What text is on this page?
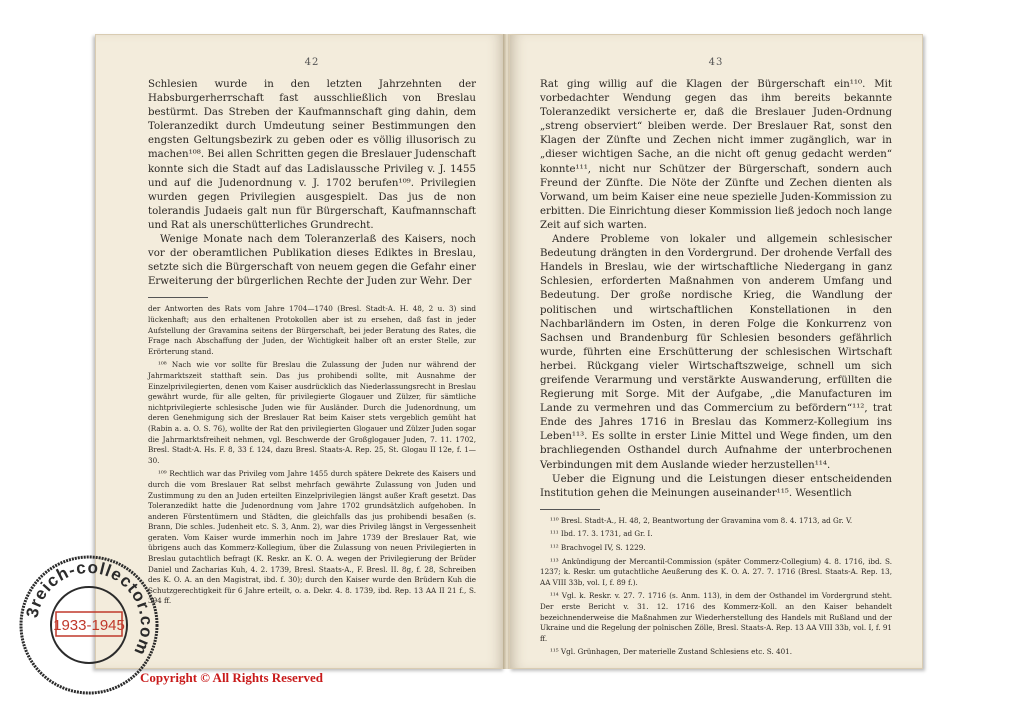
42

Schlesien wurde in den letzten Jahrzehnten der Habsburgerherrschaft fast ausschließlich von Breslau bestürmt. Das Streben der Kaufmannschaft ging dahin, dem Toleranzedikt durch Umdeutung seiner Bestimmungen den engsten Geltungsbezirk zu geben oder es völlig illusorisch zu machen¹⁰⁸. Bei allen Schritten gegen die Breslauer Judenschaft konnte sich die Stadt auf das Ladislaussche Privileg v. J. 1455 und auf die Judenordnung v. J. 1702 berufen¹⁰⁹. Privilegien wurden gegen Privilegien ausgespielt. Das jus de non tolerandis Judaeis galt nun für Bürgerschaft, Kaufmannschaft und Rat als unerschütterliches Grundrecht.

Wenige Monate nach dem Toleranzerlaß des Kaisers, noch vor der oberamtlichen Publikation dieses Ediktes in Breslau, setzte sich die Bürgerschaft von neuem gegen die Gefahr einer Erweiterung der bürgerlichen Rechte der Juden zur Wehr. Der

der Antworten des Rats vom Jahre 1704—1740 (Bresl. Stadt-A. H. 48, 2 u. 3) sind lückenhaft; aus den erhaltenen Protokollen aber ist zu ersehen, daß fast in jeder Aufstellung der Gravamina seitens der Bürgerschaft, bei jeder Beratung des Rates, die Frage nach Abschaffung der Juden, der Wichtigkeit halber oft an erster Stelle, zur Erörterung stand.

¹⁰⁸ Nach wie vor sollte für Breslau die Zulassung der Juden nur während der Jahrmarktszeit statthaft sein. Das jus prohibendi sollte, mit Ausnahme der Einzelprivilegierten, denen vom Kaiser ausdrücklich das Niederlassungsrecht in Breslau gewährt wurde, für alle gelten, für privilegierte Glogauer und Zülzer, für sämtliche nichtprivilegierte schlesische Juden wie für Ausländer. Durch die Judenordnung, um deren Genehmigung sich der Breslauer Rat beim Kaiser stets vergeblich gemüht hat (Rabin a. a. O. S. 76), wollte der Rat den privilegierten Glogauer und Zülzer Juden sogar die Jahrmarktsfreiheit nehmen, vgl. Beschwerde der Großglogauer Juden, 7. 11. 1702, Bresl. Stadt-A. Hs. F. 8, 33 f. 124, dazu Bresl. Staats-A. Rep. 25, St. Glogau II 12e, f. 1—30.

¹⁰⁹ Rechtlich war das Privileg vom Jahre 1455 durch spätere Dekrete des Kaisers und durch die vom Breslauer Rat selbst mehrfach gewährte Zulassung von Juden und Zustimmung zu den an Juden erteilten Einzelprivilegien längst außer Kraft gesetzt. Das Toleranzedikt hatte die Judenordnung vom Jahre 1702 grundsätzlich aufgehoben. In anderen Fürstentümern und Städten, die gleichfalls das jus prohibendi besaßen (s. Brann, Die schles. Judenheit etc. S. 3, Anm. 2), war dies Privileg längst in Vergessenheit geraten. Vom Kaiser wurde immerhin noch im Jahre 1739 der Breslauer Rat, wie übrigens auch das Kommerz-Kollegium, über die Zulassung von neuen Privilegierten in Breslau gutachtlich befragt (K. Reskr. an K. O. A. wegen der Privilegierung der Brüder Daniel und Zacharias Kuh, 4. 2. 1739, Bresl. Staats-A., F. Bresl. II. 8g, f. 28, Schreiben des K. O. A. an den Magistrat, ibd. f. 30); durch den Kaiser wurde den Brüdern Kuh die Schutzgerechtigkeit für 6 Jahre erteilt, o. a. Dekr. 4. 8. 1739, ibd. Rep. 13 AA II 21 f., S. 394 ff.

43

Rat ging willig auf die Klagen der Bürgerschaft ein¹¹⁰. Mit vorbedachter Wendung gegen das ihm bereits bekannte Toleranzedikt versicherte er, daß die Breslauer Juden-Ordnung „streng observiert“ bleiben werde. Der Breslauer Rat, sonst den Klagen der Zünfte und Zechen nicht immer zugänglich, war in „dieser wichtigen Sache, an die nicht oft genug gedacht werden“ konnte¹¹¹, nicht nur Schützer der Bürgerschaft, sondern auch Freund der Zünfte. Die Nöte der Zünfte und Zechen dienten als Vorwand, um beim Kaiser eine neue spezielle Juden-Kommission zu erbitten. Die Einrichtung dieser Kommission ließ jedoch noch lange Zeit auf sich warten.

Andere Probleme von lokaler und allgemein schlesischer Bedeutung drängten in den Vordergrund. Der drohende Verfall des Handels in Breslau, wie der wirtschaftliche Niedergang in ganz Schlesien, erforderten Maßnahmen von anderem Umfang und Bedeutung. Der große nordische Krieg, die Wandlung der politischen und wirtschaftlichen Konstellationen in den Nachbarländern im Osten, in deren Folge die Konkurrenz von Sachsen und Brandenburg für Schlesien besonders gefährlich wurde, führten eine Erschütterung der schlesischen Wirtschaft herbei. Rückgang vieler Wirtschaftszweige, schnell um sich greifende Verarmung und verstärkte Auswanderung, erfüllten die Regierung mit Sorge. Mit der Aufgabe, „die Manufacturen im Lande zu vermehren und das Commercium zu befördern“¹¹², trat Ende des Jahres 1716 in Breslau das Kommerz-Kollegium ins Leben¹¹³. Es sollte in erster Linie Mittel und Wege finden, um den brachliegenden Osthandel durch Aufnahme der unterbrochenen Verbindungen mit dem Auslande wieder herzustellen¹¹⁴.

Ueber die Eignung und die Leistungen dieser entscheidenden Institution gehen die Meinungen auseinander¹¹⁵. Wesentlich

¹¹⁰ Bresl. Stadt-A., H. 48, 2, Beantwortung der Gravamina vom 8. 4. 1713, ad Gr. V.

¹¹¹ Ibd. 17. 3. 1731, ad Gr. I.

¹¹² Brachvogel IV, S. 1229.

¹¹³ Ankündigung der Mercantil-Commission (später Commerz-Collegium) 4. 8. 1716, ibd. S. 1237; k. Reskr. um gutachtliche Aeußerung des K. O. A. 27. 7. 1716 (Bresl. Staats-A. Rep. 13, AA VIII 33b, vol. I, f. 89 f.).

¹¹⁴ Vgl. k. Reskr. v. 27. 7. 1716 (s. Anm. 113), in dem der Osthandel im Vordergrund steht. Der erste Bericht v. 31. 12. 1716 des Kommerz-Koll. an den Kaiser behandelt bezeichnenderweise die Maßnahmen zur Wiederherstellung des Handels mit Rußland und der Ukraine und die Regelung der polnischen Zölle, Bresl. Staats-A. Rep. 13 AA VIII 33b, vol. I, f. 91 ff.

¹¹⁵ Vgl. Grünhagen, Der materielle Zustand Schlesiens etc. S. 401.

3reich-collector.com
1933-1945
Copyright © All Rights Reserved
